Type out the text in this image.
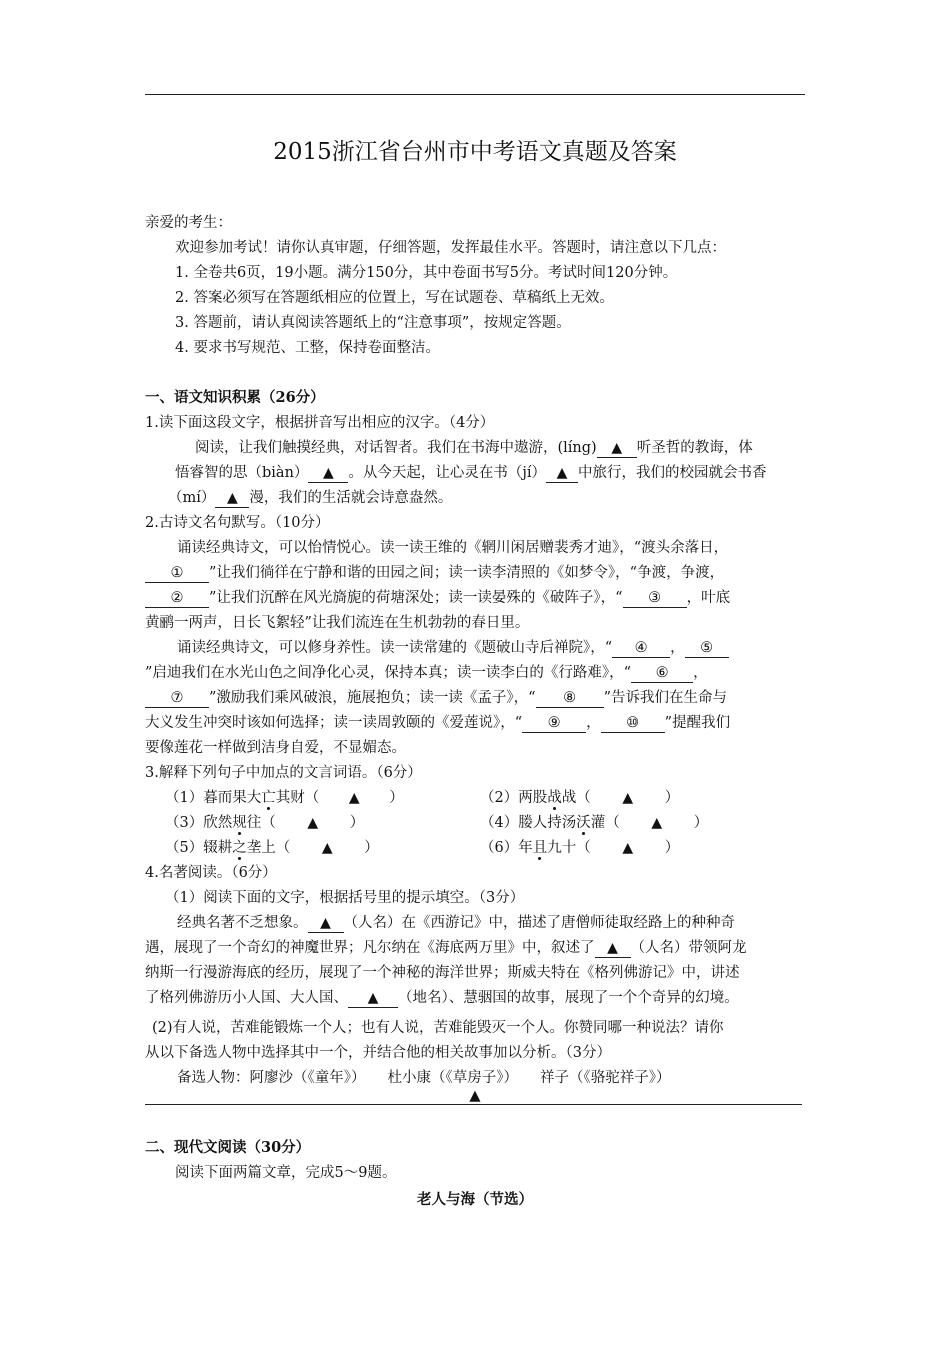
2015浙江省台州市中考语文真题及答案
亲爱的考生：
欢迎参加考试！请你认真审题，仔细答题，发挥最佳水平。答题时，请注意以下几点：
1. 全卷共6页，19小题。满分150分，其中卷面书写5分。考试时间120分钟。
2. 答案必须写在答题纸相应的位置上，写在试题卷、草稿纸上无效。
3. 答题前，请认真阅读答题纸上的“注意事项”，按规定答题。
4. 要求书写规范、工整，保持卷面整洁。
一、语文知识积累（26分）
1.读下面这段文字，根据拼音写出相应的汉字。（4分）
阅读，让我们触摸经典，对话智者。我们在书海中遨游，(líng) ▲ 听圣哲的教诲，体
悟睿智的思（biàn） ▲ 。从今天起，让心灵在书（jí） ▲ 中旅行，我们的校园就会书香
（mí） ▲ 漫，我们的生活就会诗意盎然。
2.古诗文名句默写。（10分）
诵读经典诗文，可以怡情悦心。读一读王维的《辋川闲居赠裴秀才迪》，“渡头余落日，
① ”让我们徜徉在宁静和谐的田园之间；读一读李清照的《如梦令》，“争渡，争渡，
② ”让我们沉醉在风光旖旎的荷塘深处；读一读晏殊的《破阵子》，“ ③ ，叶底
黄鹂一两声，日长飞絮轻”让我们流连在生机勃勃的春日里。
诵读经典诗文，可以修身养性。读一读常建的《题破山寺后禅院》，“ ④ ， ⑤
”启迪我们在水光山色之间净化心灵，保持本真；读一读李白的《行路难》，“ ⑥ ，
⑦ ”激励我们乘风破浪，施展抱负；读一读《孟子》，“ ⑧ ”告诉我们在生命与
大义发生冲突时该如何选择；读一读周敦颐的《爱莲说》，“ ⑨ ， ⑩ ”提醒我们
要像莲花一样做到洁身自爱，不显媚态。
3.解释下列句子中加点的文言词语。（6分）
（1）暮而果大亡其财（ ▲ ）	（2）两股战战（ ▲ ）
（3）欣然规往（ ▲ ）	（4）媵人持汤沃灌（ ▲ ）
（5）辍耕之垄上（ ▲ ）	（6）年且九十（ ▲ ）
4.名著阅读。（6分）
（1）阅读下面的文字，根据括号里的提示填空。（3分）
经典名著不乏想象。 ▲ （人名）在《西游记》中，描述了唐僧师徒取经路上的种种奇
遇，展现了一个奇幻的神魔世界；凡尔纳在《海底两万里》中，叙述了 ▲ （人名）带领阿龙
纳斯一行漫游海底的经历，展现了一个神秘的海洋世界；斯威夫特在《格列佛游记》中，讲述
了格列佛游历小人国、大人国、 ▲ （地名）、慧骃国的故事，展现了一个个奇异的幻境。
(2)有人说，苦难能锻炼一个人；也有人说，苦难能毁灭一个人。你赞同哪一种说法？请你
从以下备选人物中选择其中一个，并结合他的相关故事加以分析。（3分）
备选人物：阿廖沙（《童年》） 杜小康（《草房子》） 祥子（《骆驼祥子》）
▲
二、现代文阅读（30分）
阅读下面两篇文章，完成5～9题。
老人与海（节选）
